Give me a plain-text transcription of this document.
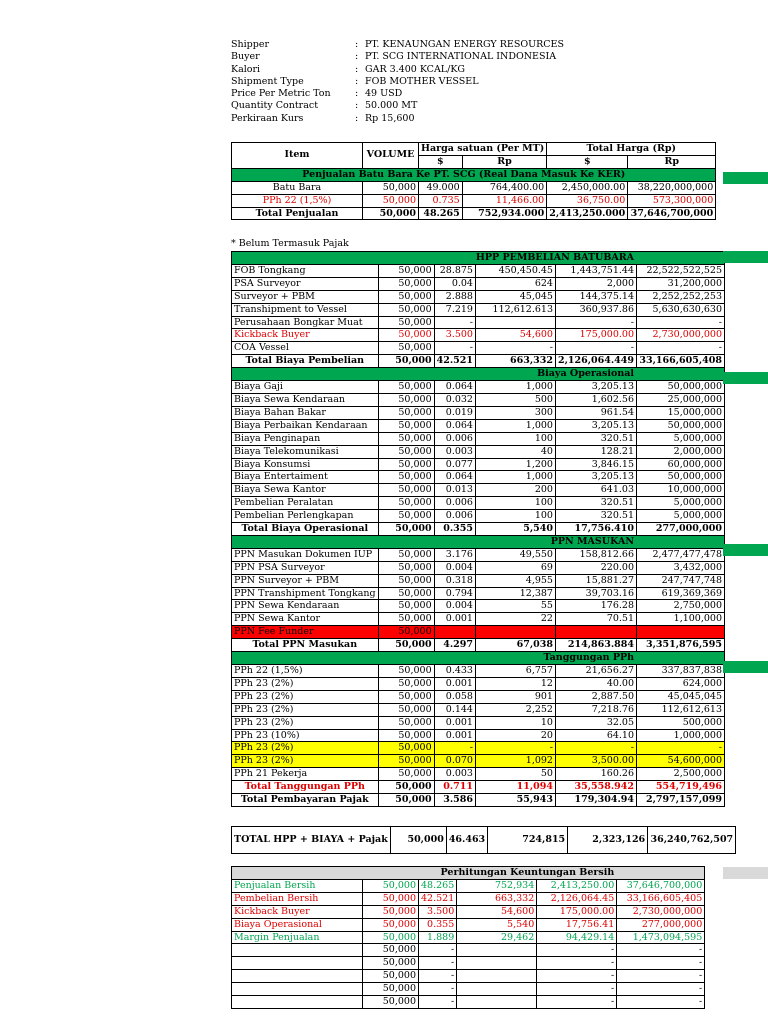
Shipper	: PT. KENAUNGAN ENERGY RESOURCES
Buyer	: PT. SCG INTERNATIONAL INDONESIA
Kalori	: GAR 3.400 KCAL/KG
Shipment Type	: FOB MOTHER VESSEL
Price Per Metric Ton	: 49 USD
Quantity Contract	: 50.000 MT
Perkiraan Kurs	: Rp 15,600
Item	VOLUME	Harga satuan (Per MT)		Total Harga (Rp)	
		$	Rp	$	Rp
Penjualan Batu Bara Ke PT. SCG (Real Dana Masuk Ke KER)					
Batu Bara	50,000	49.000	764,400.00	2,450,000.00	38,220,000,000
PPh 22 (1,5%)	50,000	0.735	11,466.00	36,750.00	573,300,000
Total Penjualan	50,000	48.265	752,934.000	2,413,250.000	37,646,700,000
* Belum Termasuk Pajak
HPP PEMBELIAN BATUBARA					
FOB Tongkang	50,000	28.875	450,450.45	1,443,751.44	22,522,522,525
PSA Surveyor	50,000	0.04	624	2,000	31,200,000
Surveyor + PBM	50,000	2.888	45,045	144,375.14	2,252,252,253
Transhipment to Vessel	50,000	7.219	112,612.613	360,937.86	5,630,630,630
Perusahaan Bongkar Muat	50,000	-		-	-
Kickback Buyer	50,000	3.500	54,600	175,000.00	2,730,000,000
COA Vessel	50,000	-	-	-	-
Total Biaya Pembelian	50,000	42.521	663,332	2,126,064.449	33,166,605,408
Biaya Operasional					
Biaya Gaji	50,000	0.064	1,000	3,205.13	50,000,000
Biaya Sewa Kendaraan	50,000	0.032	500	1,602.56	25,000,000
Biaya Bahan Bakar	50,000	0.019	300	961.54	15,000,000
Biaya Perbaikan Kendaraan	50,000	0.064	1,000	3,205.13	50,000,000
Biaya Penginapan	50,000	0.006	100	320.51	5,000,000
Biaya Telekomunikasi	50,000	0.003	40	128.21	2,000,000
Biaya Konsumsi	50,000	0.077	1,200	3,846.15	60,000,000
Biaya Entertaiment	50,000	0.064	1,000	3,205.13	50,000,000
Biaya Sewa Kantor	50,000	0.013	200	641.03	10,000,000
Pembelian Peralatan	50,000	0.006	100	320.51	5,000,000
Pembelian Perlengkapan	50,000	0.006	100	320.51	5,000,000
Total Biaya Operasional	50,000	0.355	5,540	17,756.410	277,000,000
PPN MASUKAN					
PPN Masukan Dokumen IUP	50,000	3.176	49,550	158,812.66	2,477,477,478
PPN PSA Surveyor	50,000	0.004	69	220.00	3,432,000
PPN Surveyor + PBM	50,000	0.318	4,955	15,881.27	247,747,748
PPN Transhipment Tongkang	50,000	0.794	12,387	39,703.16	619,369,369
PPN Sewa Kendaraan	50,000	0.004	55	176.28	2,750,000
PPN Sewa Kantor	50,000	0.001	22	70.51	1,100,000
PPN Fee Funder	50,000				
Total PPN Masukan	50,000	4.297	67,038	214,863.884	3,351,876,595
Tanggungan PPh					
PPh 22 (1,5%)	50,000	0.433	6,757	21,656.27	337,837,838
PPh 23 (2%)	50,000	0.001	12	40.00	624,000
PPh 23 (2%)	50,000	0.058	901	2,887.50	45,045,045
PPh 23 (2%)	50,000	0.144	2,252	7,218.76	112,612,613
PPh 23 (2%)	50,000	0.001	10	32.05	500,000
PPh 23 (10%)	50,000	0.001	20	64.10	1,000,000
PPh 23 (2%)	50,000	-	-	-	-
PPh 23 (2%)	50,000	0.070	1,092	3,500.00	54,600,000
PPh 21 Pekerja	50,000	0.003	50	160.26	2,500,000
Total Tanggungan PPh	50,000	0.711	11,094	35,558.942	554,719,496
Total Pembayaran Pajak	50,000	3.586	55,943	179,304.94	2,797,157,099
TOTAL HPP + BIAYA + Pajak	50,000	46.463	724,815	2,323,126	36,240,762,507
Perhitungan Keuntungan Bersih					
Penjualan Bersih	50,000	48.265	752,934	2,413,250.00	37,646,700,000
Pembelian Bersih	50,000	42.521	663,332	2,126,064.45	33,166,605,405
Kickback Buyer	50,000	3.500	54,600	175,000.00	2,730,000,000
Biaya Operasional	50,000	0.355	5,540	17,756.41	277,000,000
Margin Penjualan	50,000	1.889	29,462	94,429.14	1,473,094,595
	50,000	-		-	-
	50,000	-		-	-
	50,000	-		-	-
	50,000	-		-	-
	50,000	-		-	-
